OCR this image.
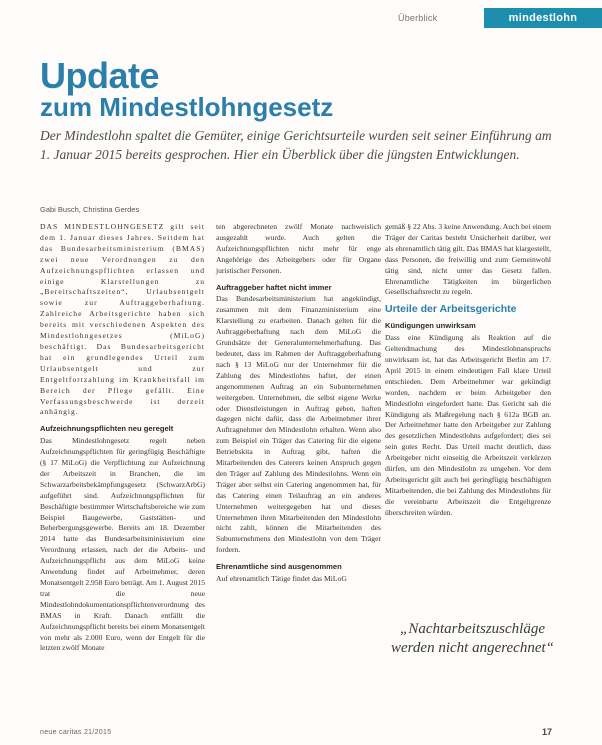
Überblick	mindestlohn
Update
zum Mindestlohngesetz
Der Mindestlohn spaltet die Gemüter, einige Gerichtsurteile wurden seit seiner Einführung am 1. Januar 2015 bereits gesprochen. Hier ein Überblick über die jüngsten Entwicklungen.
Gabi Busch, Christina Gerdes

DAS MINDESTLOHNGESETZ gilt seit dem 1. Januar dieses Jahres. Seitdem hat das Bundesarbeitsministerium (BMAS) zwei neue Verordnungen zu den Aufzeichnungspflichten erlassen und einige Klarstellungen zu „Bereitschaftszeiten“, Urlaubsentgelt sowie zur Auftraggeberhaftung. Zahlreiche Arbeitsgerichte haben sich bereits mit verschiedenen Aspekten des Mindestlohngesetzes (MiLoG) beschäftigt. Das Bundesarbeitsgericht hat ein grundlegendes Urteil zum Urlaubsentgelt und zur Entgeltfortzahlung im Krankheitsfall im Bereich der Pflege gefällt. Eine Verfassungsbeschwerde ist derzeit anhängig.

Aufzeichnungspflichten neu geregelt

Das Mindestlohngesetz regelt neben Aufzeichnungspflichten für geringfügig Beschäftigte (§ 17 MiLoG) die Verpflichtung zur Aufzeichnung der Arbeitszeit in Branchen, die im Schwarzarbeitsbekämpfungsgesetz (SchwarzArbG) aufgeführt sind. Aufzeichnungspflichten für Beschäftigte bestimmter Wirtschaftsbereiche wie zum Beispiel Baugewerbe, Gaststätten- und Beherbergungsgewerbe. Bereits am 18. Dezember 2014 hatte das Bundesarbeitsministerium eine Verordnung erlassen, nach der die Arbeits- und Aufzeichnungspflicht aus dem MiLoG keine Anwendung findet auf Arbeitnehmer, deren Monatsentgelt 2.958 Euro beträgt. Am 1. August 2015 trat die neue Mindestlohndokumentationspflichtenverordnung des BMAS in Kraft. Danach entfällt die Aufzeichnungspflicht bereits bei einem Monatsentgelt von mehr als 2.000 Euro, wenn der Entgelt für die letzten zwölf Monate

ten abgerechneten zwölf Monate nachweislich ausgezahlt wurde. Auch gelten die Aufzeichnungspflichten nicht mehr für enge Angehörige des Arbeitgebers oder für Organe juristischer Personen.

Auftraggeber haftet nicht immer

Das Bundesarbeitsministerium hat angekündigt, zusammen mit dem Finanzministerium eine Klarstellung zu erarbeiten. Danach gelten für die Auftraggeberhaftung nach dem MiLoG die Grundsätze der Generalunternehmerhaftung. Das bedeutet, dass im Rahmen der Auftraggeberhaftung nach § 13 MiLoG nur der Unternehmer für die Zahlung des Mindestlohns haftet, der einen angenommenen Auftrag an ein Subunternehmen weitergeben. Unternehmen, die selbst eigene Werke oder Dienstleistungen in Auftrag geben, haften dagegen nicht dafür, dass die Arbeitnehmer ihrer Auftragnehmer den Mindestlohn erhalten. Wenn also zum Beispiel ein Träger das Catering für die eigene Betriebskita in Auftrag gibt, haften die Mitarbeitenden des Caterers keinen Anspruch gegen den Träger auf Zahlung des Mindestlohns. Wenn ein Träger aber selbst ein Catering angenommen hat, für das Catering einen Teilauftrag an ein anderes Unternehmen weitergegeben hat und dieses Unternehmen ihren Mitarbeitenden den Mindestlohn nicht zahlt, können die Mitarbeitenden des Subunternehmens den Mindestlohn von dem Träger fordern.

Ehrenamtliche sind ausgenommen

Auf ehrenamtlich Tätige findet das MiLoG

gemäß § 22 Abs. 3 keine Anwendung. Auch bei einem Träger der Caritas besteht Unsicherheit darüber, wer als ehrenamtlich tätig gilt. Das BMAS hat klargestellt, dass Personen, die freiwillig und zum Gemeinwohl tätig sind, nicht unter das Gesetz fallen. Ehrenamtliche Tätigkeiten im bürgerlichen Gesellschaftsrecht zu regeln.

Urteile der Arbeitsgerichte
Kündigungen unwirksam

Dass eine Kündigung als Reaktion auf die Geltendmachung des Mindestlohnanspruchs unwirksam ist, hat das Arbeitsgericht Berlin am 17. April 2015 in einem eindeutigen Fall klare Urteil entschieden. Dem Arbeitnehmer war gekündigt worden, nachdem er beim Arbeitgeber den Mindestlohn eingefordert hatte. Das Gericht sah die Kündigung als Maßregelung nach § 612a BGB an. Der Arbeitnehmer hatte den Arbeitgeber zur Zahlung des gesetzlichen Mindestlohns aufgefordert; dies sei sein gutes Recht. Das Urteil macht deutlich, dass Arbeitgeber nicht einseitig die Arbeitszeit verkürzen dürfen, um den Mindestlohn zu umgehen. Vor dem Arbeitsgericht gilt auch bei geringfügig beschäftigten Mitarbeitenden, die bei Zahlung des Mindestlohns für die vereinbarte Arbeitszeit die Entgeltgrenze überschreiten würden.

„Nachtarbeitszuschläge
werden nicht angerechnet“
neue caritas 21/2015	17
